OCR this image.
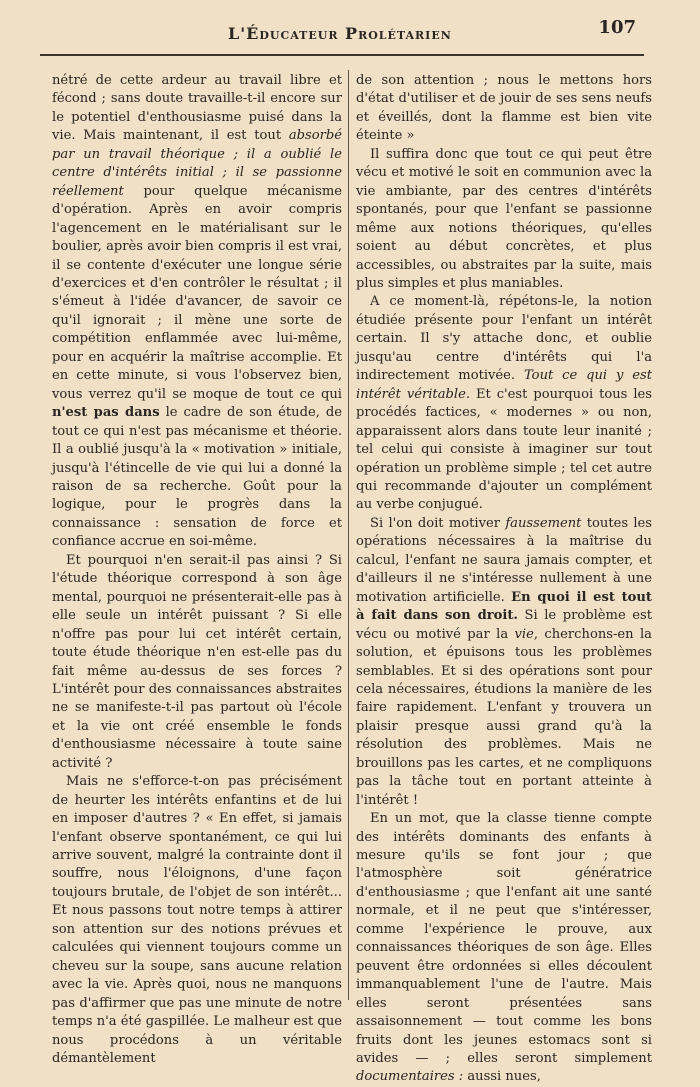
L'Éducateur Prolétarien	107

nétré de cette ardeur au travail libre et fécond ; sans doute travaille-t-il encore sur le potentiel d'enthousiasme puisé dans la vie. Mais maintenant, il est tout absorbé par un travail théorique ; il a oublié le centre d'intérêts initial ; il se passionne réellement pour quelque mécanisme d'opération. Après en avoir compris l'agencement en le matérialisant sur le boulier, après avoir bien compris il est vrai, il se contente d'exécuter une longue série d'exercices et d'en contrôler le résultat ; il s'émeut à l'idée d'avancer, de savoir ce qu'il ignorait ; il mène une sorte de compétition enflammée avec lui-même, pour en acquérir la maîtrise accomplie. Et en cette minute, si vous l'observez bien, vous verrez qu'il se moque de tout ce qui n'est pas dans le cadre de son étude, de tout ce qui n'est pas mécanisme et théorie. Il a oublié jusqu'à la « motivation » initiale, jusqu'à l'étincelle de vie qui lui a donné la raison de sa recherche. Goût pour la logique, pour le progrès dans la connaissance : sensation de force et confiance accrue en soi-même.

Et pourquoi n'en serait-il pas ainsi ? Si l'étude théorique correspond à son âge mental, pourquoi ne présenterait-elle pas à elle seule un intérêt puissant ? Si elle n'offre pas pour lui cet intérêt certain, toute étude théorique n'en est-elle pas du fait même au-dessus de ses forces ? L'intérêt pour des connaissances abstraites ne se manifeste-t-il pas partout où l'école et la vie ont créé ensemble le fonds d'enthousiasme nécessaire à toute saine activité ?

Mais ne s'efforce-t-on pas précisément de heurter les intérêts enfantins et de lui en imposer d'autres ? « En effet, si jamais l'enfant observe spontanément, ce qui lui arrive souvent, malgré la contrainte dont il souffre, nous l'éloignons, d'une façon toujours brutale, de l'objet de son intérêt... Et nous passons tout notre temps à attirer son attention sur des notions prévues et calculées qui viennent toujours comme un cheveu sur la soupe, sans aucune relation avec la vie. Après quoi, nous ne manquons pas d'affirmer que pas une minute de notre temps n'a été gaspillée. Le malheur est que nous procédons à un véritable démantèlement

de son attention ; nous le mettons hors d'état d'utiliser et de jouir de ses sens neufs et éveillés, dont la flamme est bien vite éteinte »

Il suffira donc que tout ce qui peut être vécu et motivé le soit en communion avec la vie ambiante, par des centres d'intérêts spontanés, pour que l'enfant se passionne même aux notions théoriques, qu'elles soient au début concrètes, et plus accessibles, ou abstraites par la suite, mais plus simples et plus maniables.

A ce moment-là, répétons-le, la notion étudiée présente pour l'enfant un intérêt certain. Il s'y attache donc, et oublie jusqu'au centre d'intérêts qui l'a indirectement motivée. Tout ce qui y est intérêt véritable. Et c'est pourquoi tous les procédés factices, « modernes » ou non, apparaissent alors dans toute leur inanité ; tel celui qui consiste à imaginer sur tout opération un problème simple ; tel cet autre qui recommande d'ajouter un complément au verbe conjugué.

Si l'on doit motiver faussement toutes les opérations nécessaires à la maîtrise du calcul, l'enfant ne saura jamais compter, et d'ailleurs il ne s'intéresse nullement à une motivation artificielle. En quoi il est tout à fait dans son droit. Si le problème est vécu ou motivé par la vie, cherchons-en la solution, et épuisons tous les problèmes semblables. Et si des opérations sont pour cela nécessaires, étudions la manière de les faire rapidement. L'enfant y trouvera un plaisir presque aussi grand qu'à la résolution des problèmes. Mais ne brouillons pas les cartes, et ne compliquons pas la tâche tout en portant atteinte à l'intérêt !

En un mot, que la classe tienne compte des intérêts dominants des enfants à mesure qu'ils se font jour ; que l'atmosphère soit génératrice d'enthousiasme ; que l'enfant ait une santé normale, et il ne peut que s'intéresser, comme l'expérience le prouve, aux connaissances théoriques de son âge. Elles peuvent être ordonnées si elles découlent immanquablement l'une de l'autre. Mais elles seront présentées sans assaisonnement — tout comme les bons fruits dont les jeunes estomacs sont si avides — ; elles seront simplement documentaires : aussi nues,
